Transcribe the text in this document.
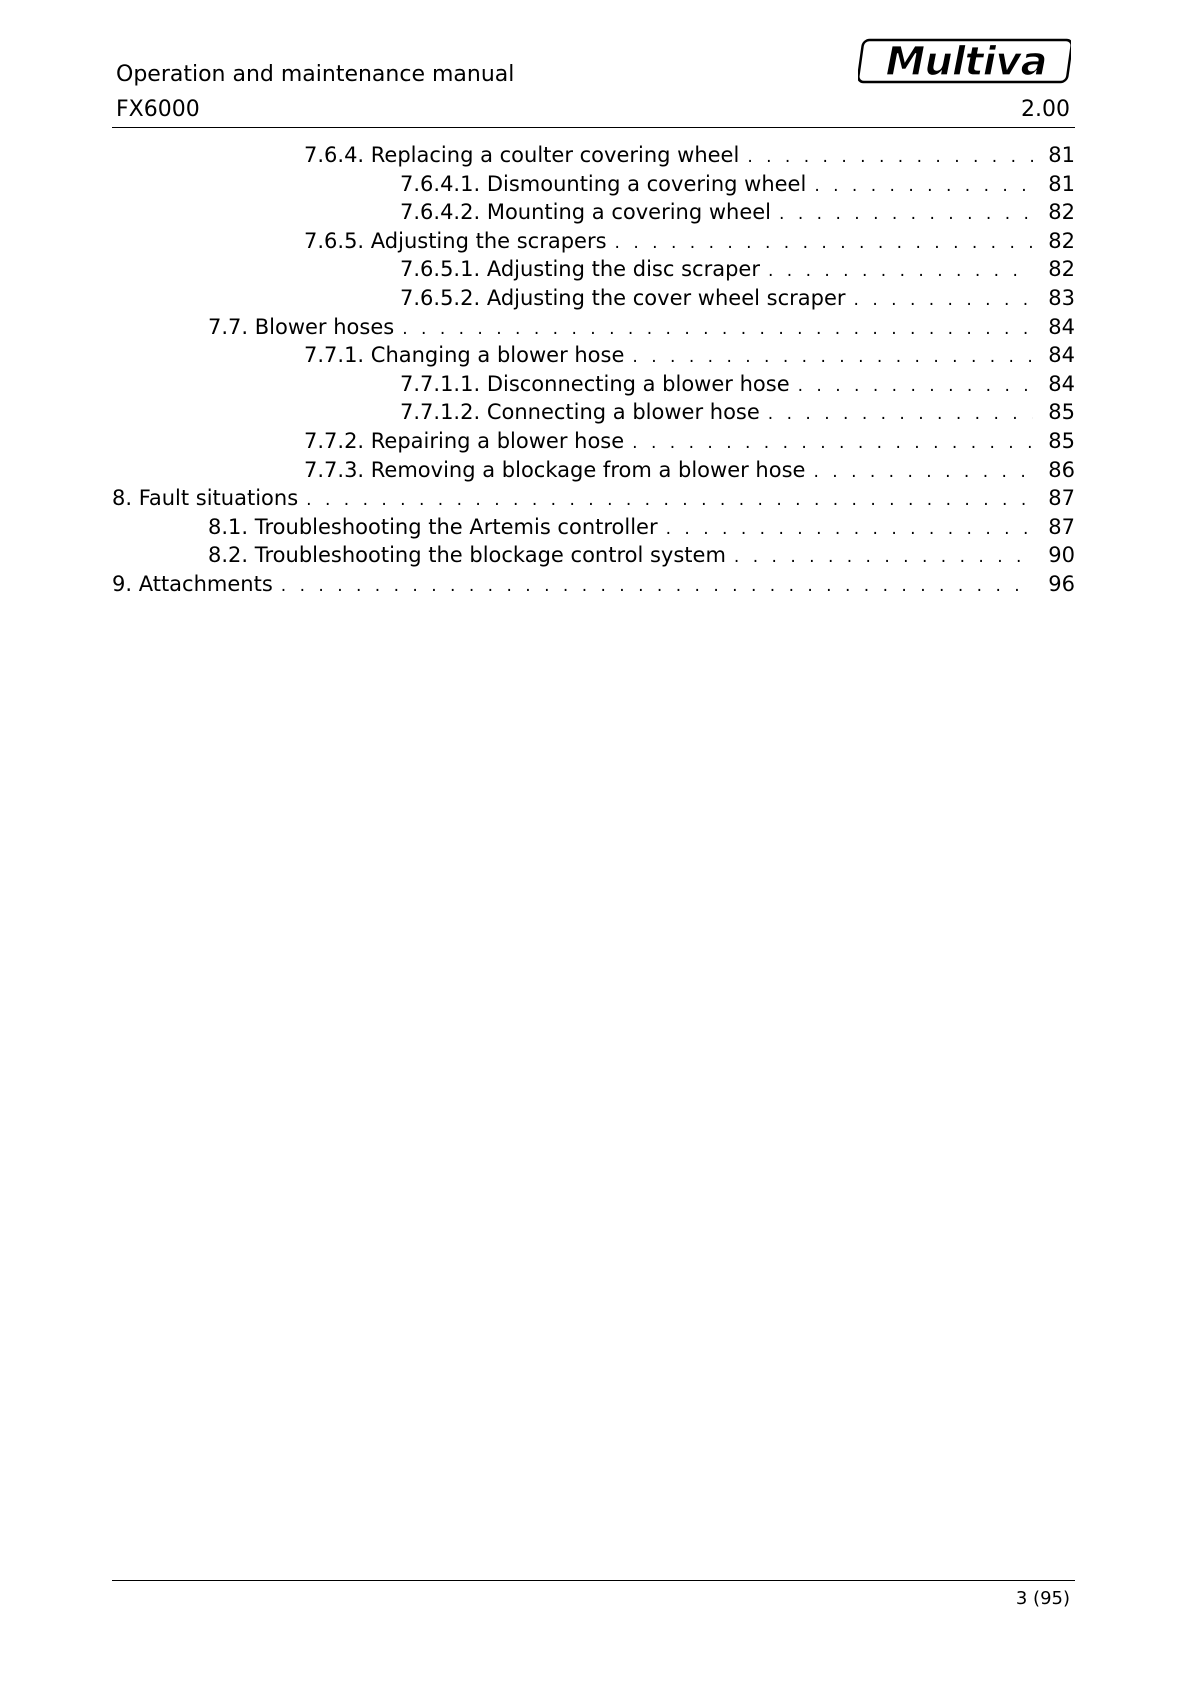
Operation and maintenance manual
FX6000	2.00
Multiva
7.6.4. Replacing a coulter covering wheel . . .	81
7.6.4.1. Dismounting a covering wheel . . .	81
7.6.4.2. Mounting a covering wheel . . .	82
7.6.5. Adjusting the scrapers . . .	82
7.6.5.1. Adjusting the disc scraper . . .	82
7.6.5.2. Adjusting the cover wheel scraper . . .	83
7.7. Blower hoses . . .	84
7.7.1. Changing a blower hose . . .	84
7.7.1.1. Disconnecting a blower hose . . .	84
7.7.1.2. Connecting a blower hose . . .	85
7.7.2. Repairing a blower hose . . .	85
7.7.3. Removing a blockage from a blower hose . . .	86
8. Fault situations . . .	87
8.1. Troubleshooting the Artemis controller . . .	87
8.2. Troubleshooting the blockage control system . . .	90
9. Attachments . . .	96
3 (95)
